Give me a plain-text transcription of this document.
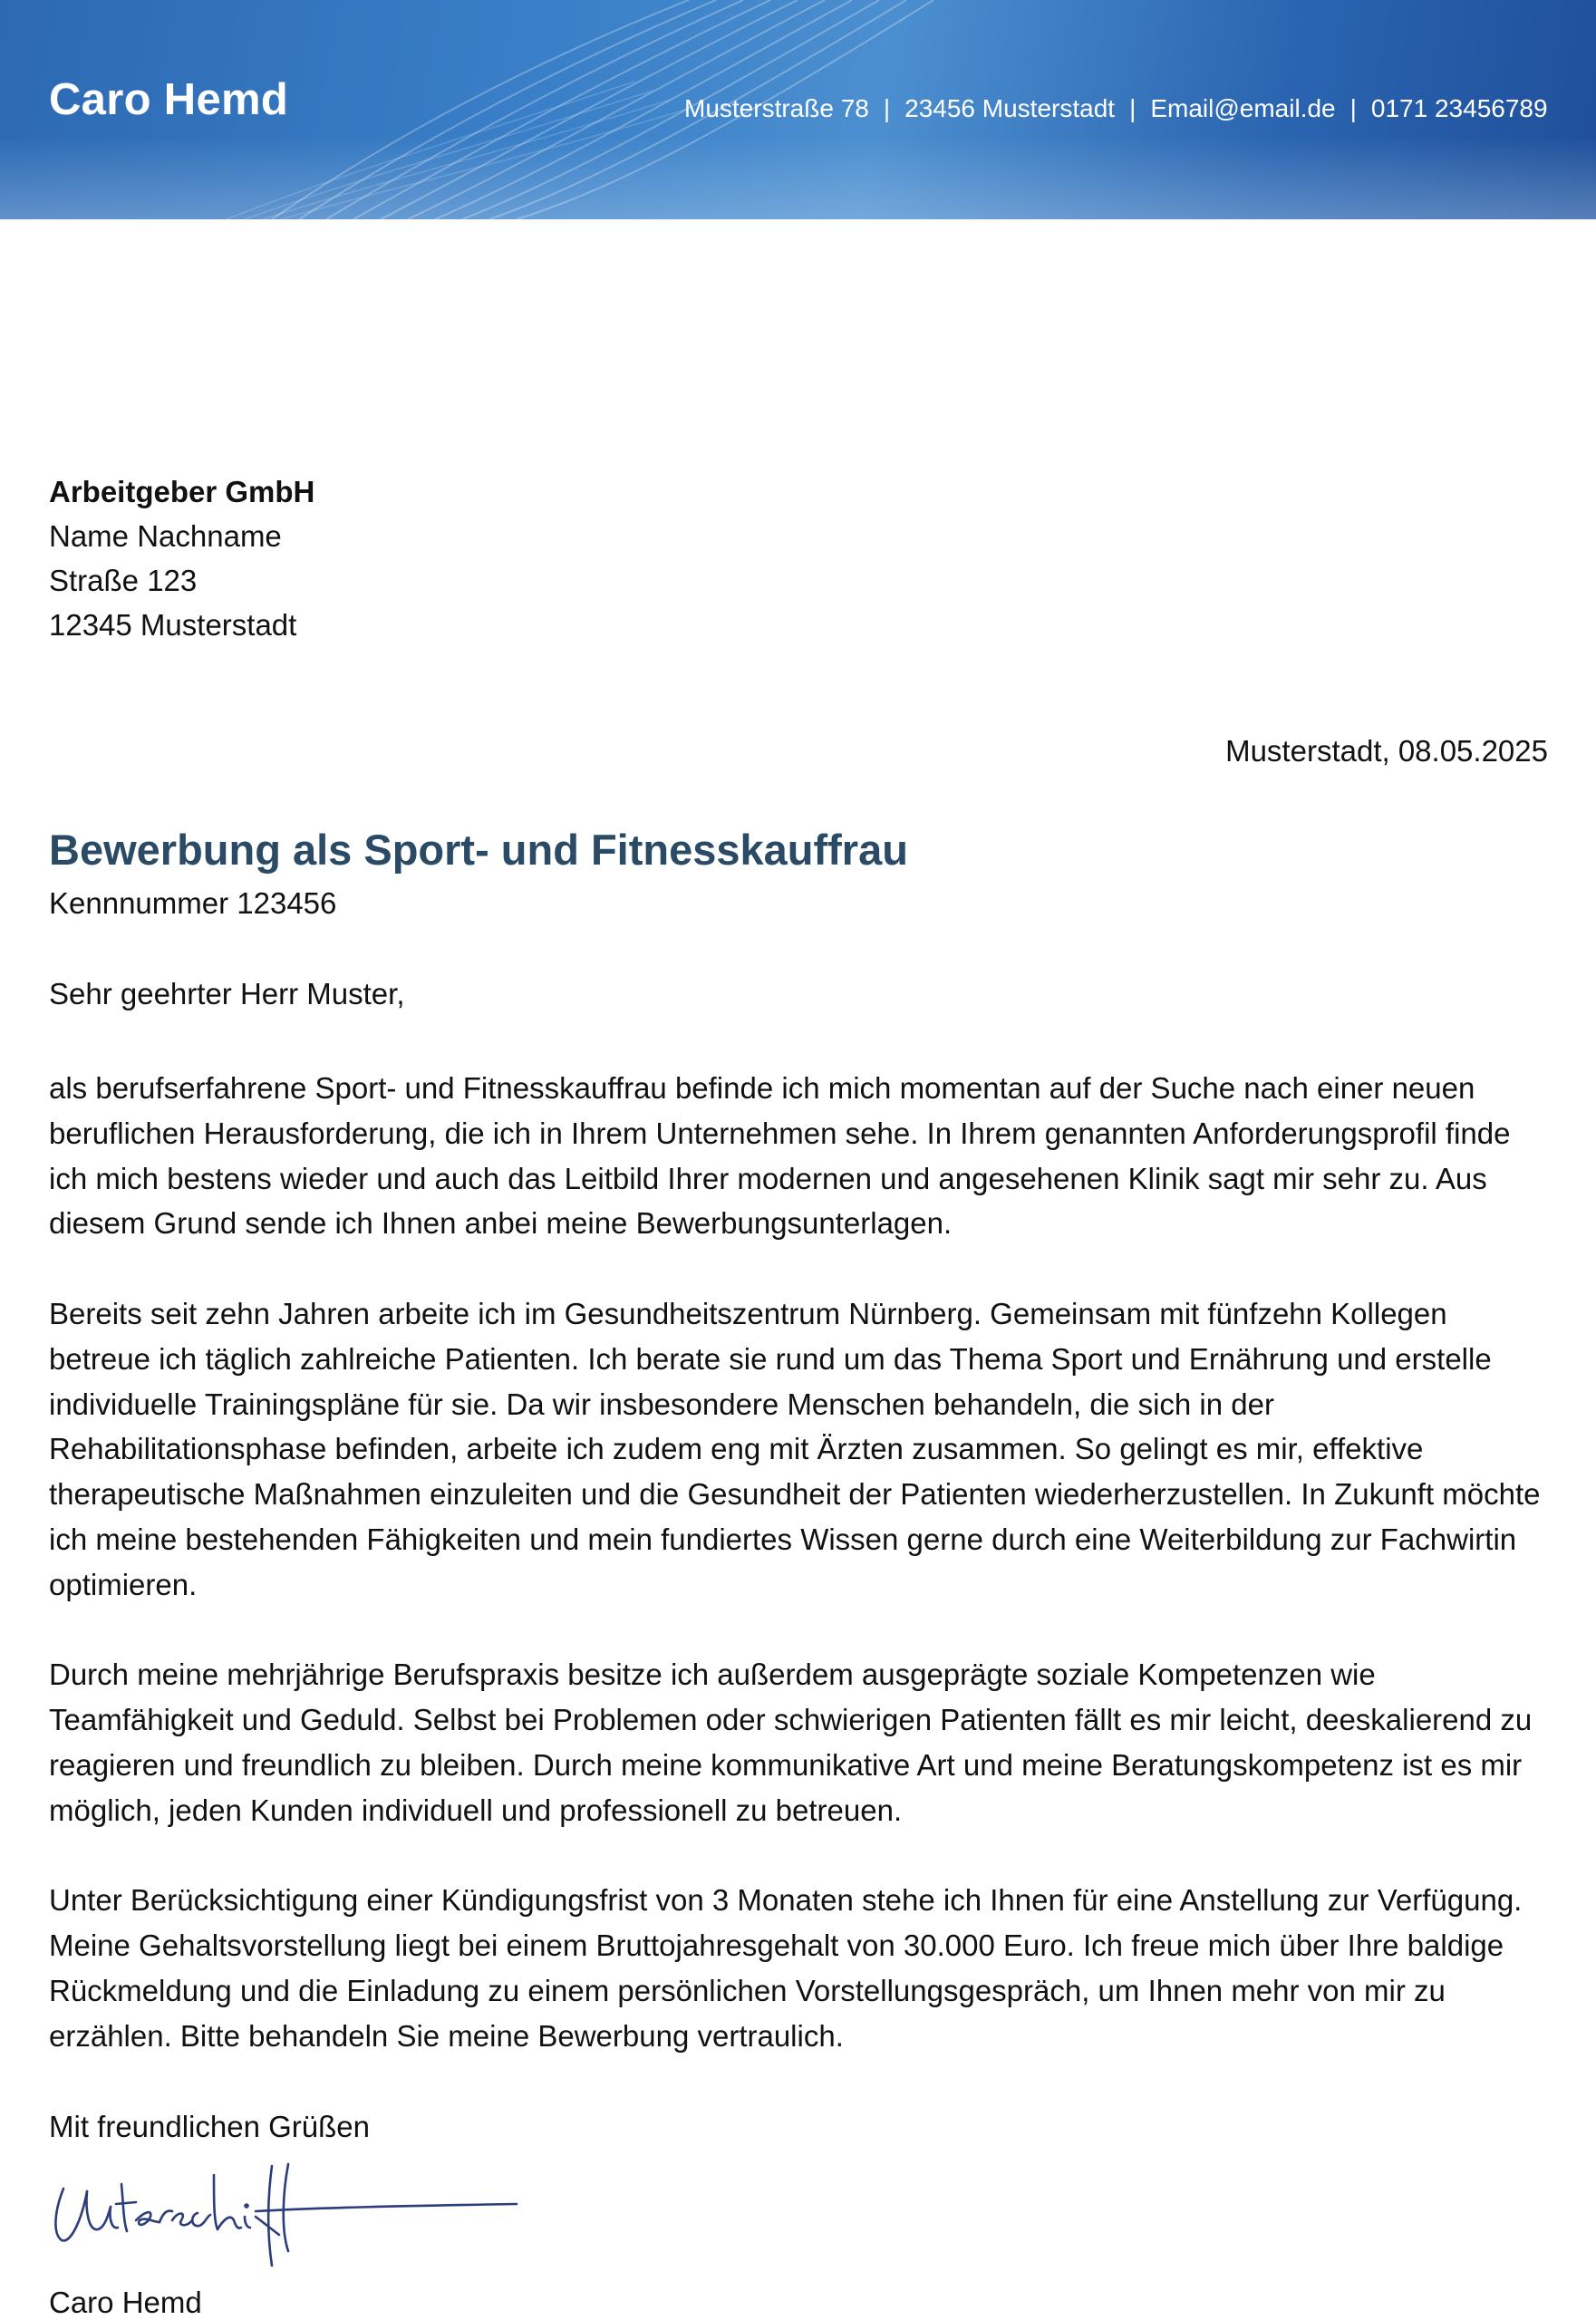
Caro Hemd	Musterstraße 78 | 23456 Musterstadt | Email@email.de | 0171 23456789
Arbeitgeber GmbH
Name Nachname
Straße 123
12345 Musterstadt
Musterstadt, 08.05.2025
Bewerbung als Sport- und Fitnesskauffrau
Kennnummer 123456
Sehr geehrter Herr Muster,

als berufserfahrene Sport- und Fitnesskauffrau befinde ich mich momentan auf der Suche nach einer neuen beruflichen Herausforderung, die ich in Ihrem Unternehmen sehe. In Ihrem genannten Anforderungsprofil finde ich mich bestens wieder und auch das Leitbild Ihrer modernen und angesehenen Klinik sagt mir sehr zu. Aus diesem Grund sende ich Ihnen anbei meine Bewerbungsunterlagen.

Bereits seit zehn Jahren arbeite ich im Gesundheitszentrum Nürnberg. Gemeinsam mit fünfzehn Kollegen betreue ich täglich zahlreiche Patienten. Ich berate sie rund um das Thema Sport und Ernährung und erstelle individuelle Trainingspläne für sie. Da wir insbesondere Menschen behandeln, die sich in der Rehabilitationsphase befinden, arbeite ich zudem eng mit Ärzten zusammen. So gelingt es mir, effektive therapeutische Maßnahmen einzuleiten und die Gesundheit der Patienten wiederherzustellen. In Zukunft möchte ich meine bestehenden Fähigkeiten und mein fundiertes Wissen gerne durch eine Weiterbildung zur Fachwirtin optimieren.

Durch meine mehrjährige Berufspraxis besitze ich außerdem ausgeprägte soziale Kompetenzen wie Teamfähigkeit und Geduld. Selbst bei Problemen oder schwierigen Patienten fällt es mir leicht, deeskalierend zu reagieren und freundlich zu bleiben. Durch meine kommunikative Art und meine Beratungskompetenz ist es mir möglich, jeden Kunden individuell und professionell zu betreuen.

Unter Berücksichtigung einer Kündigungsfrist von 3 Monaten stehe ich Ihnen für eine Anstellung zur Verfügung. Meine Gehaltsvorstellung liegt bei einem Bruttojahresgehalt von 30.000 Euro. Ich freue mich über Ihre baldige Rückmeldung und die Einladung zu einem persönlichen Vorstellungsgespräch, um Ihnen mehr von mir zu erzählen. Bitte behandeln Sie meine Bewerbung vertraulich.

Mit freundlichen Grüßen
Caro Hemd
